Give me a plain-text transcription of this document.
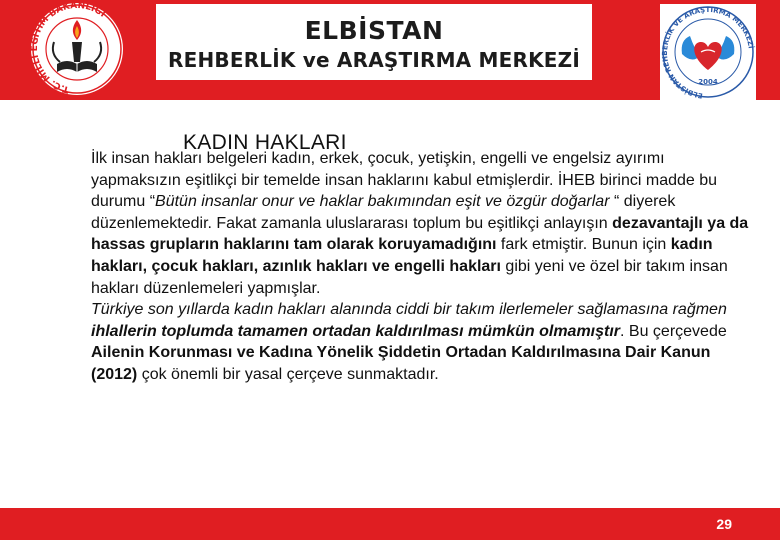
T.C. MİLLİ EĞİTİM BAKANLIĞI
ELBİSTAN
REHBERLİK ve ARAŞTIRMA MERKEZİ
ELBİSTAN REHBERLİK VE ARAŞTIRMA MERKEZİ
2004
KADIN HAKLARI

İlk insan hakları belgeleri kadın, erkek, çocuk, yetişkin, engelli ve engelsiz ayırımı yapmaksızın eşitlikçi bir temelde insan haklarını kabul etmişlerdir. İHEB birinci madde bu durumu “Bütün insanlar onur ve haklar bakımından eşit ve özgür doğarlar “ diyerek düzenlemektedir. Fakat zamanla uluslararası toplum bu eşitlikçi anlayışın dezavantajlı ya da hassas grupların haklarını tam olarak koruyamadığını fark etmiştir. Bunun için kadın hakları, çocuk hakları, azınlık hakları ve engelli hakları gibi yeni ve özel bir takım insan hakları düzenlemeleri yapmışlar.

Türkiye son yıllarda kadın hakları alanında ciddi bir takım ilerlemeler sağlamasına rağmen ihlallerin toplumda tamamen ortadan kaldırılması mümkün olmamıştır. Bu çerçevede Ailenin Korunması ve Kadına Yönelik Şiddetin Ortadan Kaldırılmasına Dair Kanun (2012) çok önemli bir yasal çerçeve sunmaktadır.

29
